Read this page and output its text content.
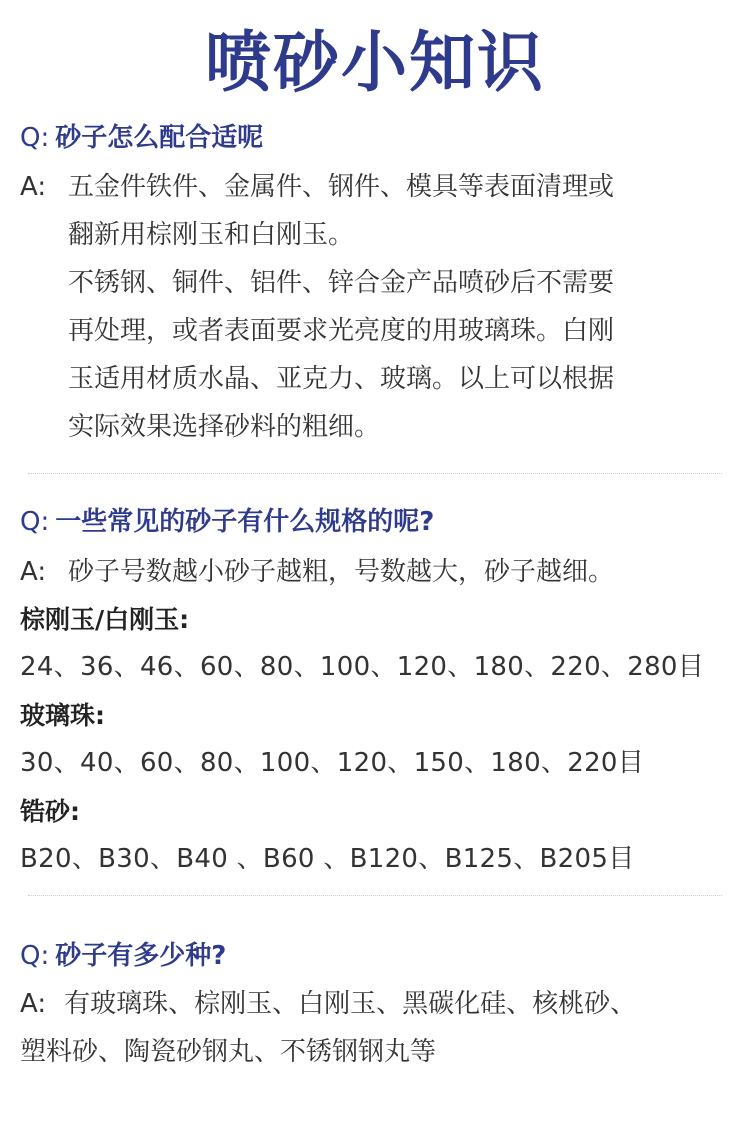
喷砂小知识
Q: 砂子怎么配合适呢
A: 五金件铁件、金属件、钢件、模具等表面清理或
翻新用棕刚玉和白刚玉。
不锈钢、铜件、铝件、锌合金产品喷砂后不需要
再处理，或者表面要求光亮度的用玻璃珠。白刚
玉适用材质水晶、亚克力、玻璃。以上可以根据
实际效果选择砂料的粗细。
Q: 一些常见的砂子有什么规格的呢?
A: 砂子号数越小砂子越粗，号数越大，砂子越细。
棕刚玉/白刚玉:
24、36、46、60、80、100、120、180、220、280目
玻璃珠:
30、40、60、80、100、120、150、180、220目
锆砂:
B20、B30、B40 、B60 、B120、B125、B205目
Q: 砂子有多少种?
A: 有玻璃珠、棕刚玉、白刚玉、黑碳化硅、核桃砂、
塑料砂、陶瓷砂钢丸、不锈钢钢丸等
